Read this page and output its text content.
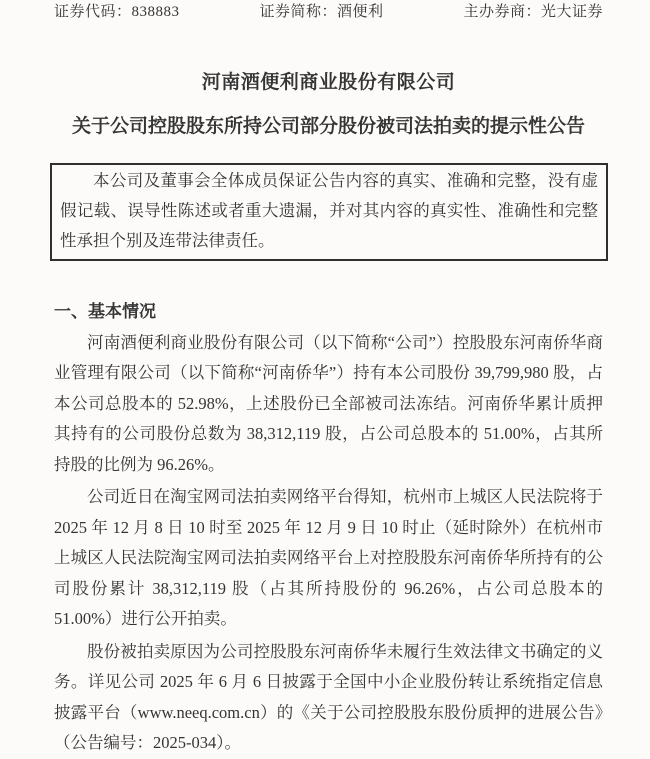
证券代码：838883	证券简称：酒便利	主办券商：光大证券
河南酒便利商业股份有限公司
关于公司控股股东所持公司部分股份被司法拍卖的提示性公告
本公司及董事会全体成员保证公告内容的真实、准确和完整，没有虚假记载、误导性陈述或者重大遗漏，并对其内容的真实性、准确性和完整性承担个别及连带法律责任。
一、基本情况

河南酒便利商业股份有限公司（以下简称“公司”）控股股东河南侨华商业管理有限公司（以下简称“河南侨华”）持有本公司股份 39,799,980 股，占本公司总股本的 52.98%，上述股份已全部被司法冻结。河南侨华累计质押其持有的公司股份总数为 38,312,119 股，占公司总股本的 51.00%，占其所持股的比例为 96.26%。

公司近日在淘宝网司法拍卖网络平台得知，杭州市上城区人民法院将于 2025 年 12 月 8 日 10 时至 2025 年 12 月 9 日 10 时止（延时除外）在杭州市上城区人民法院淘宝网司法拍卖网络平台上对控股股东河南侨华所持有的公司股份累计 38,312,119 股（占其所持股份的 96.26%，占公司总股本的 51.00%）进行公开拍卖。

股份被拍卖原因为公司控股股东河南侨华未履行生效法律文书确定的义务。详见公司 2025 年 6 月 6 日披露于全国中小企业股份转让系统指定信息披露平台（www.neeq.com.cn）的《关于公司控股股东股份质押的进展公告》（公告编号：2025-034）。
